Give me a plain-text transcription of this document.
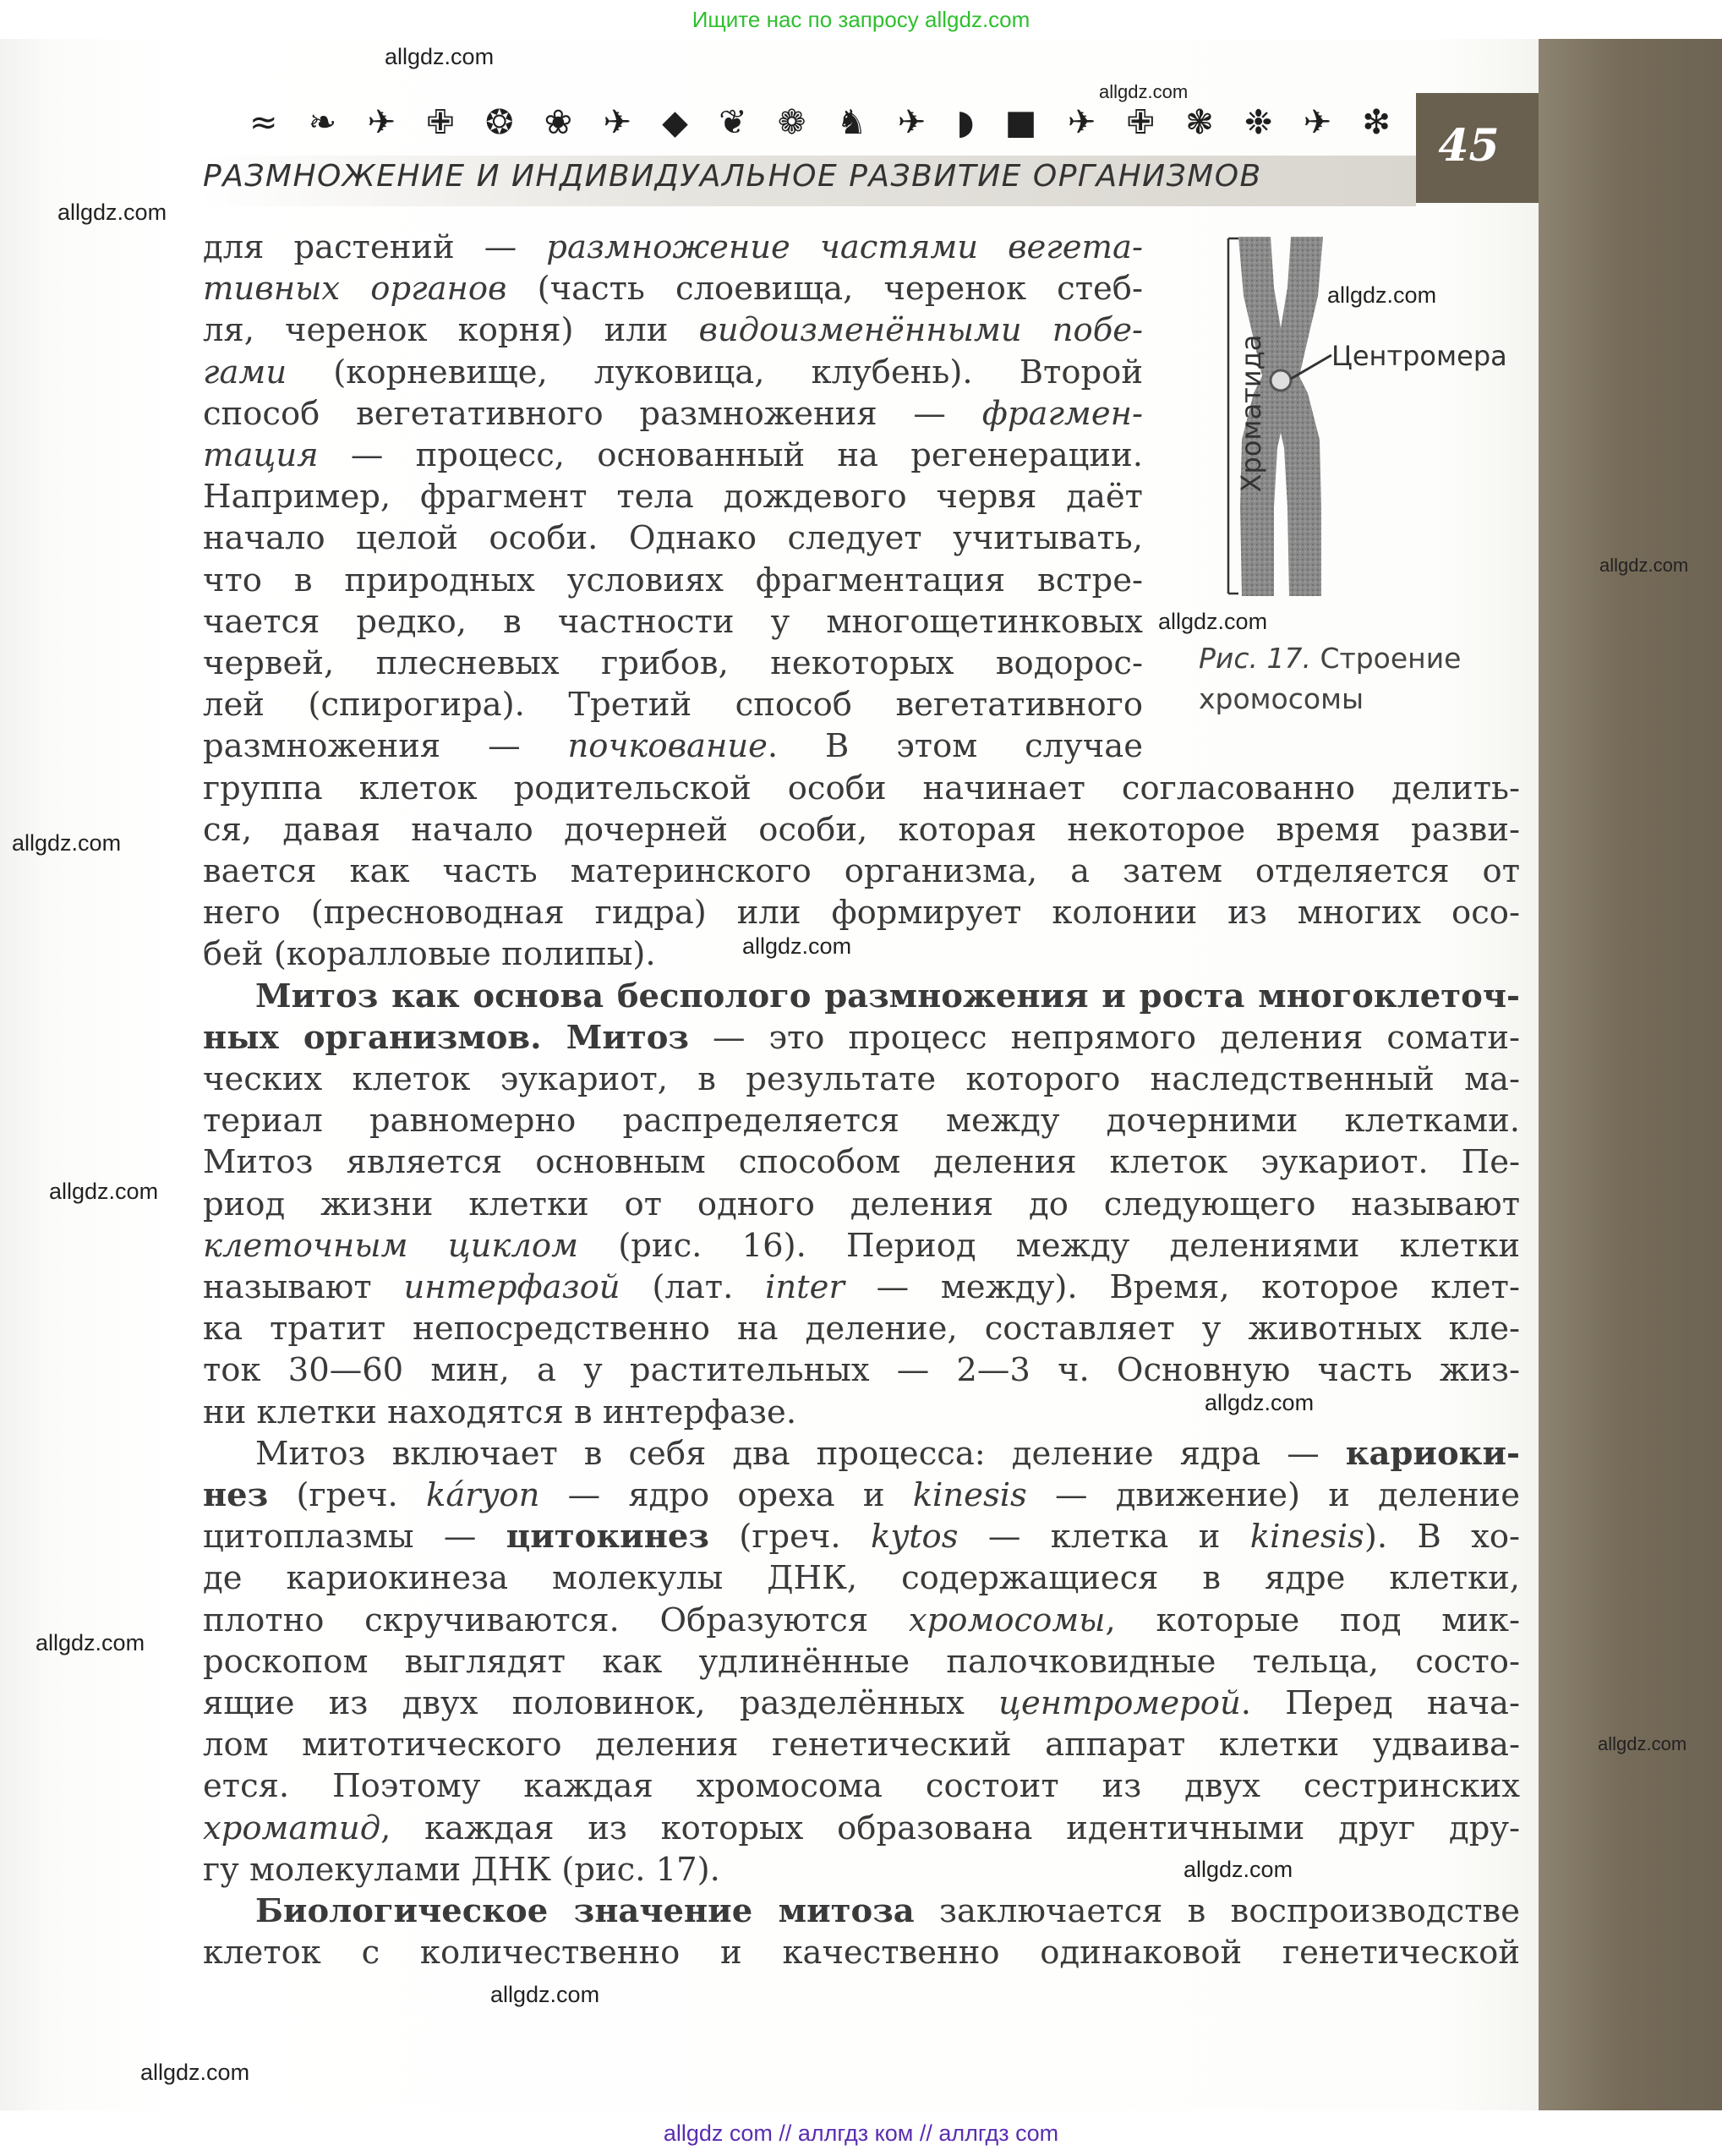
Ищите нас по запросу allgdz.com
≈ ❧ ✈ ✙ ❂ ❀ ✈ ◆ ❦ ❁ ♞ ✈ ◗ ■ ✈ ✙ ❃ ❉ ✈ ❇
РАЗМНОЖЕНИЕ И ИНДИВИДУАЛЬНОЕ РАЗВИТИЕ ОРГАНИЗМОВ
45
Центромера
Хроматида
Рис. 17. Строение
хромосомы
для растений — размножение частями вегета-
тивных органов (часть слоевища, черенок стеб-
ля, черенок корня) или видоизменёнными побе-
гами (корневище, луковица, клубень). Второй
способ вегетативного размножения — фрагмен-
тация — процесс, основанный на регенерации.
Например, фрагмент тела дождевого червя даёт
начало целой особи. Однако следует учитывать,
что в природных условиях фрагментация встре-
чается редко, в частности у многощетинковых
червей, плесневых грибов, некоторых водорос-
лей (спирогира). Третий способ вегетативного
размножения — почкование. В этом случае
группа клеток родительской особи начинает согласованно делить-
ся, давая начало дочерней особи, которая некоторое время разви-
вается как часть материнского организма, а затем отделяется от
него (пресноводная гидра) или формирует колонии из многих осо-
бей (коралловые полипы).
Митоз как основа бесполого размножения и роста многоклеточ-
ных организмов. Митоз — это процесс непрямого деления сомати-
ческих клеток эукариот, в результате которого наследственный ма-
териал равномерно распределяется между дочерними клетками.
Митоз является основным способом деления клеток эукариот. Пе-
риод жизни клетки от одного деления до следующего называют
клеточным циклом (рис. 16). Период между делениями клетки
называют интерфазой (лат. inter — между). Время, которое клет-
ка тратит непосредственно на деление, составляет у животных кле-
ток 30—60 мин, а у растительных — 2—3 ч. Основную часть жиз-
ни клетки находятся в интерфазе.
Митоз включает в себя два процесса: деление ядра — кариоки-
нез (греч. káryon — ядро ореха и kinesis — движение) и деление
цитоплазмы — цитокинез (греч. kytos — клетка и kinesis). В хо-
де кариокинеза молекулы ДНК, содержащиеся в ядре клетки,
плотно скручиваются. Образуются хромосомы, которые под мик-
роскопом выглядят как удлинённые палочковидные тельца, состо-
ящие из двух половинок, разделённых центромерой. Перед нача-
лом митотического деления генетический аппарат клетки удваива-
ется. Поэтому каждая хромосома состоит из двух сестринских
хроматид, каждая из которых образована идентичными друг дру-
гу молекулами ДНК (рис. 17).
Биологическое значение митоза заключается в воспроизводстве
клеток с количественно и качественно одинаковой генетической
allgdz.com
allgdz.com
allgdz.com
allgdz.com
allgdz.com
allgdz.com
allgdz.com
allgdz.com
allgdz.com
allgdz.com
allgdz.com
allgdz.com
allgdz.com
allgdz.com
allgdz.com
allgdz com // аллгдз ком // аллгдз com
